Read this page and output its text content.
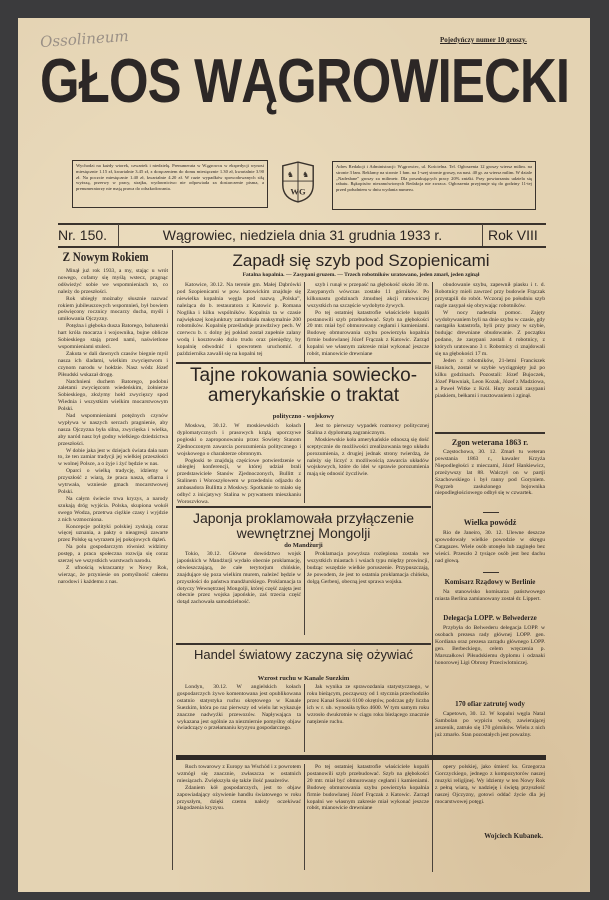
Ossolineum	Pojedyńczy numer 10 groszy.
GŁOS WĄGROWIECKI
Wychodzi na każdy wtorek, czwartek i niedzielę. Prenumerata w Wągrowcu w ekspedycji wynosi miesięcznie 1.15 zł, kwartalnie 3.45 zł, z doręczeniem do domu miesięcznie 1.30 zł, kwartalnie 3.90 zł. Na poczcie miesięcznie 1.40 zł, kwartalnie 4.20 zł. W razie wypadków spowodowanych siłą wyższą, przerwy w pracy, strajku, wydawnictwo nie odpowiada za dostarczenie pisma, a prenumeratorzy nie mają prawa do odszkodowania.
♞ ♞
WG
Adres Redakcji i Administracji: Wągrowiec, ul. Kościelna. Tel. Ogłoszenia 12 groszy wiersz milim. na stronie 3 łam. Reklamy na stronie 1 łam. na 1-szej stronie groszy, na nast. 40 gr. za wiersz milim. W dziale „Nadesłane” groszy za milimetr. Dla poszukujących pracy 20% zniżki. Przy powtarzaniu udziela się rabatu. Rękopisów niezamówionych Redakcja nie zwraca. Ogłoszenia przyjmuje się do godziny 11-tej przed południem w dniu wydania numeru.
Nr. 150.	Wągrowiec, niedziela dnia 31 grudnia 1933 r.	Rok VIII
Z Nowym Rokiem

Minął już rok 1933, a my, stając u wrót nowego, cofamy się myślą wstecz, pragnąc odświeżyć sobie we wspomnieniach to, co należy do przeszłości.

Rok ubiegły możnaby słusznie nazwać rokiem jubileuszowych wspomnień, był bowiem poświęcony rocznicy mocarzy ducha, myśli i umiłowania Ojczyzny.

Potężna i głęboka dusza Batorego, bohaterski hart króla mocarza i wojownika, bujne oblicze Sobieskiego stają przed nami, naświetlone wspomnieniami stuleci.

Zakuta w dali dawnych czasów biegnie myśl nasza ich śladami, wielkim zwycięstwom i czynom narodu w hołdzie. Nasz wódz Józef Piłsudski wskazał drogę.

Natchnieni duchem Batorego, podobni zaletami zwycięzcom wiedeńskim, żołnierze Sobieskiego, złożymy hołd zwycięzcy spod Wiednia i wszystkim wielkim mocarstwowym Polski.

Nad wspomnieniami potężnych czynów wypływa w naszych sercach pragnienie, aby nasza Ojczyzna była silna, zwycięska i wielka, aby naród nasz był godny wielkiego dziedzictwa przeszłości.

W dobie jaka jest w dziejach świata dała nam to, że ten zamiar tradycji jej wielkiej przeszłości w wolnej Polsce, a o żyje i żyć będzie w nas.

Oparci o wielką tradycję, idziemy w przyszłość z wiarą, że praca nasza, ofiarna i wytrwała, wzniesie gmach mocarstwowej Polski.

Na całym świecie trwa kryzys, a narody szukają dróg wyjścia. Polska, skupiona wokół swego Wodza, przetrwa ciężkie czasy i wyjdzie z nich wzmocniona.

Koncepcje polityki polskiej zyskują coraz więcej uznania, a pakty o nieagresji zawarte przez Polskę są wyrazem jej pokojowych dążeń.

Na polu gospodarczym również widzimy postęp, a praca społeczna rozwija się coraz szerzej we wszystkich warstwach narodu.

Z ufnością wkraczamy w Nowy Rok, wierząc, że przyniesie on pomyślność całemu narodowi i każdemu z nas.

Zapadł się szyb pod Szopienicami
Fatalna kopalnia. — Zasypani gruzem. — Trzech robotników uratowano, jeden zmarł, jeden zginął

Katowice, 30.12. Na terenie gm. Małej Dąbrówki pod Szopienicami w pow. katowickim znajduje się niewielka kopalnia węgla pod nazwą „Polska”, należąca do b. restauratora z Katowic p. Romana Noglika i kilku wspólników. Kopalnia ta w czasie największej konjunktury zatrudniała maksymalnie 200 robotników. Kopalnię prześladuje prawdziwy pech. W czerwcu b. r. dolny jej pokład został zupełnie zalany wodą i kosztowało dużo trudu oraz pieniędzy, by kopalnię odwodnić i spowrotem uruchomić. 4 października zawalił się na kopalni tej

szyb i runął w przepaść na głębokość około 30 m. Zasypanych wówczas zostało 11 górników. Po kilkunastu godzinach żmudnej akcji ratowniczej wszystkich na szczęście wydobyto żywych.

Po tej ostatniej katastrofie właściciele kopalń postanowili szyb przebudować. Szyb na głębokości 20 mtr. miał być obmurowany cegłami i kamieniami. Budowę obmurowania szybu powierzyła kopalnia firmie budowlanej Józef Frączak z Katowic. Zarząd kopalni we własnym zakresie miał wykonać jeszcze robót, mianowicie drewniane

obudowanie szybu, zapewnił piasku i t. d. Robotnicy mieli zawrzeć przy budowie Frączak przystąpili do robót. Wczoraj po południu szyb nagle zasypał się obrywając robotników.

W nocy nadeszła pomoc. Zajęty wydobywaniem byli na dnie szybu w czasie, gdy nastąpiła katastrofa, byli przy pracy w szybie, budując drewniane obudowanie. Z początku podano, że zasypani zostali 4 robotnicy, z których uratowano 3 r. Robotnicy ci znajdowali się na głębokości 17 m.

Jeden z robotników, 21-letni Franciszek Hanisch, został w szybie wyciągnięty już po kilku godzinach. Pozostali: Józef Bujoczek, Józef Pławniak, Leon Kozak, Józef z Madziowa, a Paweł Witke z Król. Huty zostali zasypani piaskiem, bełkami i rusztowaniem i zginął.

Tajne rokowania sowiecko-amerykańskie o traktat
polityczno - wojskowy

Moskwa, 30.12. W moskiewskich kołach dyplomatycznych i prasowych krążą uporczywe pogłoski o zaproponowaniu przez Sowiety Stanom Zjednoczonym zawarcia porozumienia politycznego i wojskowego o charakterze obronnym.

Pogłoski te znajdują częściowe potwierdzenie w ubiegłej konferencji, w której udział brali przedstawiciele Stanów Zjednoczonych, Bullitt z Stalinem i Woroszyłowem w przededniu odjazdu do ambasadora Bullitta z Moskwy. Spotkanie to miało się odbyć z inicjatywy Stalina w prywatnem mieszkaniu Woroszyłowa.

Jest to pierwszy wypadek rozmowy politycznej Stalina z dyplomatą zagranicznym.

Moskiewskie koła amerykańskie odnoszą się dość sceptycznie do możliwości zrealizowania tego układu porozumienia, z drugiej jednak strony twierdzą, że należy się liczyć z możliwością zawarcia układów wojskowych, które do idei w sprawie porozumienia mają się odnosić życzliwie.

Japonja proklamowała przyłączenie wewnętrznej Mongolji
do Mandżurji

Tokio, 30.12. Główne dowództwo wojsk japońskich w Mandżurji wydało obecnie proklamację, obwieszczającą, że całe terytorjum chińskie, znajdujące się poza wielkim murem, należeć będzie w przyszłości do państwa mandżurskiego. Proklamacja ta dotyczy Wewnętrznej Mongolji, której część zajęta jest obecnie przez wojska japońskie, zaś trzecia część dotąd zachowała samodzielność.

Proklamacja powyższa rozlepiona została we wszystkich miastach i wsiach typu między prowincji, budząc wszędzie wielkie poruszenie. Przypuszczają, że powodem, że jest to ostatnia proklamacja chińska, dolgą Gerbenj, obecną jest sprawa wojska.

Handel światowy zaczyna się ożywiać
Wzrost ruchu w Kanale Suezkim

Londyn, 30.12. W angielskich kołach gospodarczych żywo komentowana jest opublikowana ostatnio statystyka ruchu okrętowego w Kanale Suezkim, która po raz pierwszy od wielu lat wykazuje znaczne nadwyżki przewozów. Napływająca ta wykazana jest ogólnie za niezmiernie pomyślny objaw świadczący o przełamaniu kryzysu gospodarczego.

Jak wynika ze sprawozdania statystycznego, w roku bieżącym, począwszy od 1 stycznia przechodziło przez Kanał Suezki 6100 okrętów, podczas gdy liczba ich w r. ub. wynosiła tylko 4600. W tym samym roku wzrosło dwukrotnie w ciągu roku bieżącego znacznie natężenie ruchu.

Ruch towarowy z Europy na Wschód i z powrotem wzmógł się znacznie, zwłaszcza w ostatnich miesiącach. Zwiększyła się także ilość pasażerów.

Zdaniem kół gospodarczych, jest to objaw zapowiadający ożywienie handlu światowego w roku przyszłym, dzięki czemu należy oczekiwać złagodzenia kryzysu.

Po tej ostatniej katastrofie właściciele kopalń postanowili szyb przebudować. Szyb na głębokości 20 mtr. miał być obmurowany cegłami i kamieniami. Budowę obmurowania szybu powierzyła kopalnia firmie budowlanej Józef Frączak z Katowic. Zarząd kopalni we własnym zakresie miał wykonać jeszcze robót, mianowicie drewniane

Zgon weterana 1863 r.

Częstochowa, 30. 12. Zmarł tu weteran powstania 1863 r., kawaler Krzyża Niepodległości z mieczami, Józef Hankiewicz, przeżywszy lat 88. Walczył on w partji Szachowskiego i był ranny pod Goryniem. Pogrzeb zasłużonego bojownika niepodległościowego odbył się w czwartek.

Wielka powódź

Rio de Janeiro, 30. 12. Ulewne deszcze spowodowały wielkie powodzie w okręgu Catagazes. Wiele osób utonęło lub zaginęło bez wieści. Przeszło 2 tysiące osób jest bez dachu nad głową.

Komisarz Rządowy w Berlinie

Na stanowisko komisarza państwowego miasta Berlina zamianowany został dr. Lippert.

Delegacja LOPP. w Belwederze

Przybyła do Belwederu delegacja LOPP. w osobach prezesa rady głównej LOPP. gen. Kordiana oraz prezesa zarządu głównego LOPP. gen. Berbeckiego, celem wręczenia p. Marszałkowi Piłsudskiemu dyplomu i odznaki honorowej Ligi Obrony Przeciwlotniczej.

170 ofiar zatrutej wody

Capetown, 30. 12. W kopalni węgla Natal Sambolan po wypiciu wody, zawierającej arszenik, zatruło się 170 górników. Wielu z nich już zmarło. Stan pozostałych jest poważny.

opery polskiej, jako śmierć ks. Grzegorza Gorczyckiego, jednego z kompozytorów naszej muzyki religijnej. Wy idziemy w ten Nowy Rok z pełną wiarą, w nadzieję i świętą przyszłość naszej Ojczyzny, gotowi oddać życie dla jej mocarstwowej potęgi.

Wojciech Kubanek.
